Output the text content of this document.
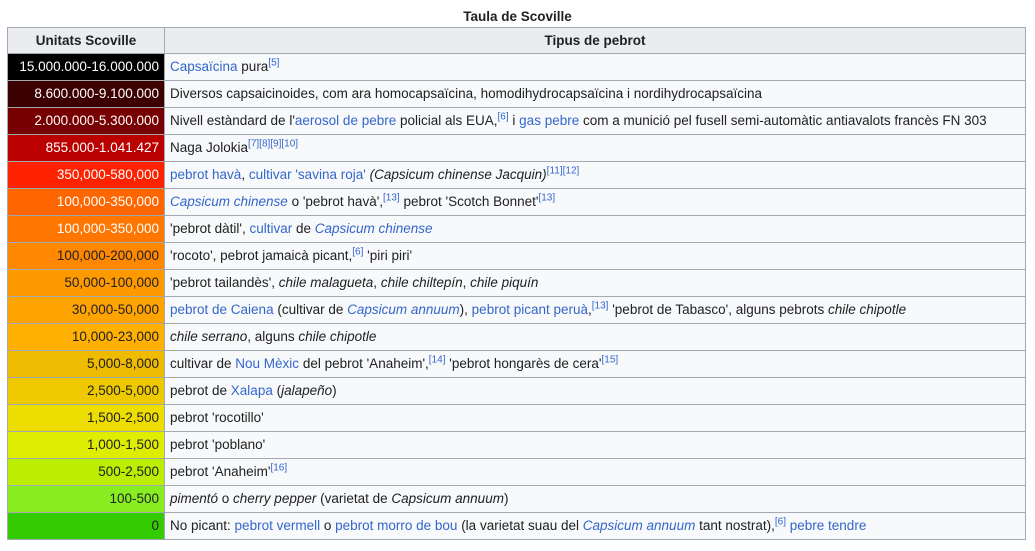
Taula de Scoville
Unitats Scoville	Tipus de pebrot
15.000.000-16.000.000	Capsaïcina pura[5]
8.600.000-9.100.000	Diversos capsaicinoides, com ara homocapsaïcina, homodihydrocapsaïcina i nordihydrocapsaïcina
2.000.000-5.300.000	Nivell estàndard de l'aerosol de pebre policial als EUA,[6] i gas pebre com a munició pel fusell semi-automàtic antiavalots francès FN 303
855.000-1.041.427	Naga Jolokia[7][8][9][10]
350,000-580,000	pebrot havà, cultivar 'savina roja' (Capsicum chinense Jacquin)[11][12]
100,000-350,000	Capsicum chinense o 'pebrot havà',[13] pebrot 'Scotch Bonnet'[13]
100,000-350,000	'pebrot dàtil', cultivar de Capsicum chinense
100,000-200,000	'rocoto', pebrot jamaicà picant,[6] 'piri piri'
50,000-100,000	'pebrot tailandès', chile malagueta, chile chiltepín, chile piquín
30,000-50,000	pebrot de Caiena (cultivar de Capsicum annuum), pebrot picant peruà,[13] 'pebrot de Tabasco', alguns pebrots chile chipotle
10,000-23,000	chile serrano, alguns chile chipotle
5,000-8,000	cultivar de Nou Mèxic del pebrot 'Anaheim',[14] 'pebrot hongarès de cera'[15]
2,500-5,000	pebrot de Xalapa (jalapeño)
1,500-2,500	pebrot 'rocotillo'
1,000-1,500	pebrot 'poblano'
500-2,500	pebrot 'Anaheim'[16]
100-500	pimentó o cherry pepper (varietat de Capsicum annuum)
0	No picant: pebrot vermell o pebrot morro de bou (la varietat suau del Capsicum annuum tant nostrat),[6] pebre tendre
